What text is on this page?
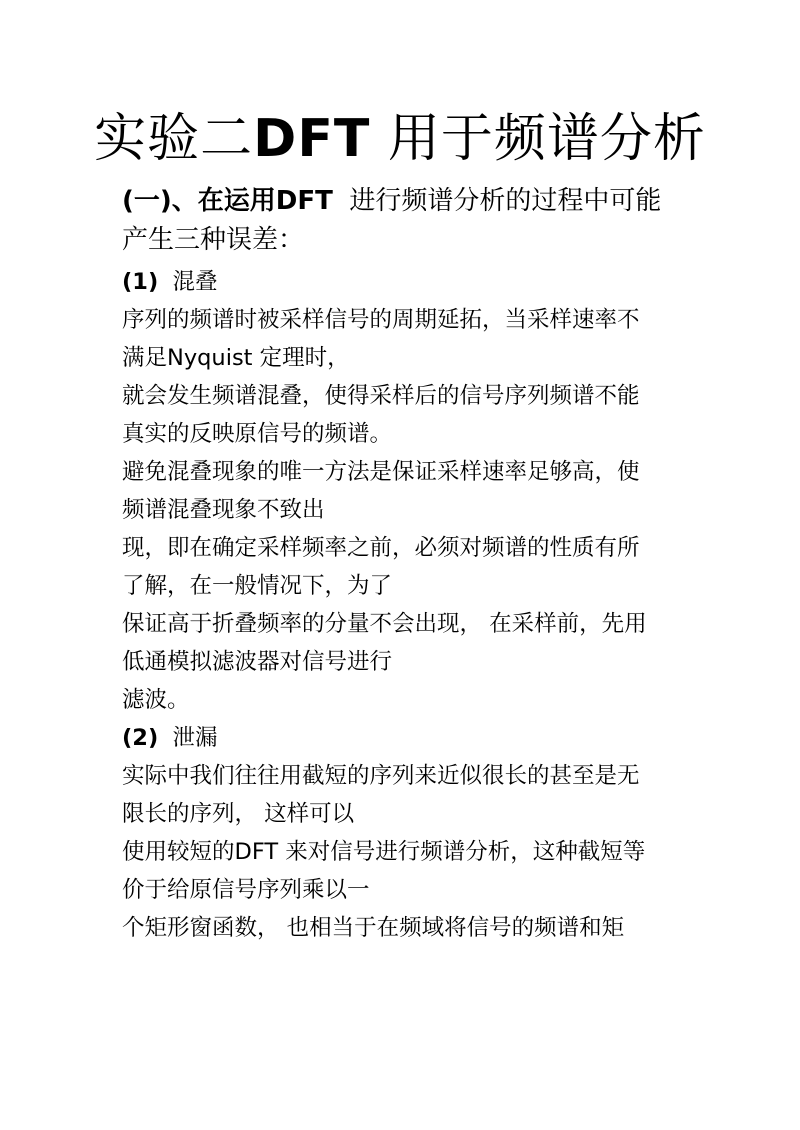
实验二DFT 用于频谱分析

(一)、在运用DFT 进行频谱分析的过程中可能

产生三种误差：

(1) 混叠

序列的频谱时被采样信号的周期延拓，当采样速率不

满足Nyquist 定理时，

就会发生频谱混叠，使得采样后的信号序列频谱不能

真实的反映原信号的频谱。

避免混叠现象的唯一方法是保证采样速率足够高，使

频谱混叠现象不致出

现，即在确定采样频率之前，必须对频谱的性质有所

了解，在一般情况下，为了

保证高于折叠频率的分量不会出现， 在采样前，先用

低通模拟滤波器对信号进行

滤波。

(2) 泄漏

实际中我们往往用截短的序列来近似很长的甚至是无

限长的序列， 这样可以

使用较短的DFT 来对信号进行频谱分析，这种截短等

价于给原信号序列乘以一

个矩形窗函数， 也相当于在频域将信号的频谱和矩
